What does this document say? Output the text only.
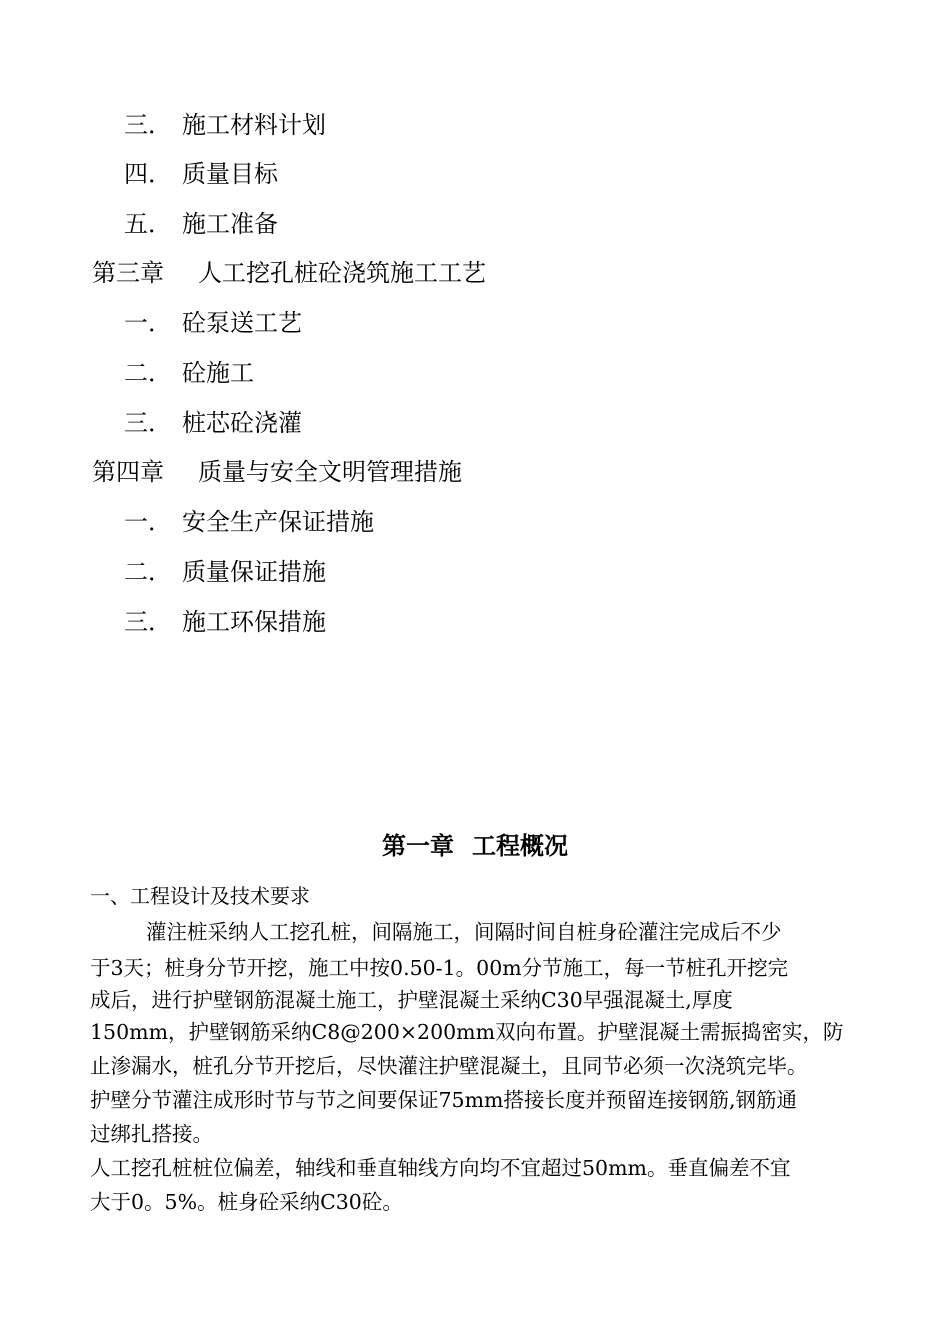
三． 施工材料计划
四． 质量目标
五． 施工准备
第三章 人工挖孔桩砼浇筑施工工艺
一． 砼泵送工艺
二． 砼施工
三． 桩芯砼浇灌
第四章 质量与安全文明管理措施
一． 安全生产保证措施
二． 质量保证措施
三． 施工环保措施
第一章 工程概况
一、工程设计及技术要求
灌注桩采纳人工挖孔桩，间隔施工，间隔时间自桩身砼灌注完成后不少
于3天；桩身分节开挖，施工中按0.50-1。00m分节施工，每一节桩孔开挖完
成后，进行护壁钢筋混凝土施工，护壁混凝土采纳C30早强混凝土,厚度
150mm，护壁钢筋采纳C8@200×200mm双向布置。护壁混凝土需振捣密实，防
止渗漏水，桩孔分节开挖后，尽快灌注护壁混凝土，且同节必须一次浇筑完毕。
护壁分节灌注成形时节与节之间要保证75mm搭接长度并预留连接钢筋,钢筋通
过绑扎搭接。
人工挖孔桩桩位偏差，轴线和垂直轴线方向均不宜超过50mm。垂直偏差不宜
大于0。5%。桩身砼采纳C30砼。
